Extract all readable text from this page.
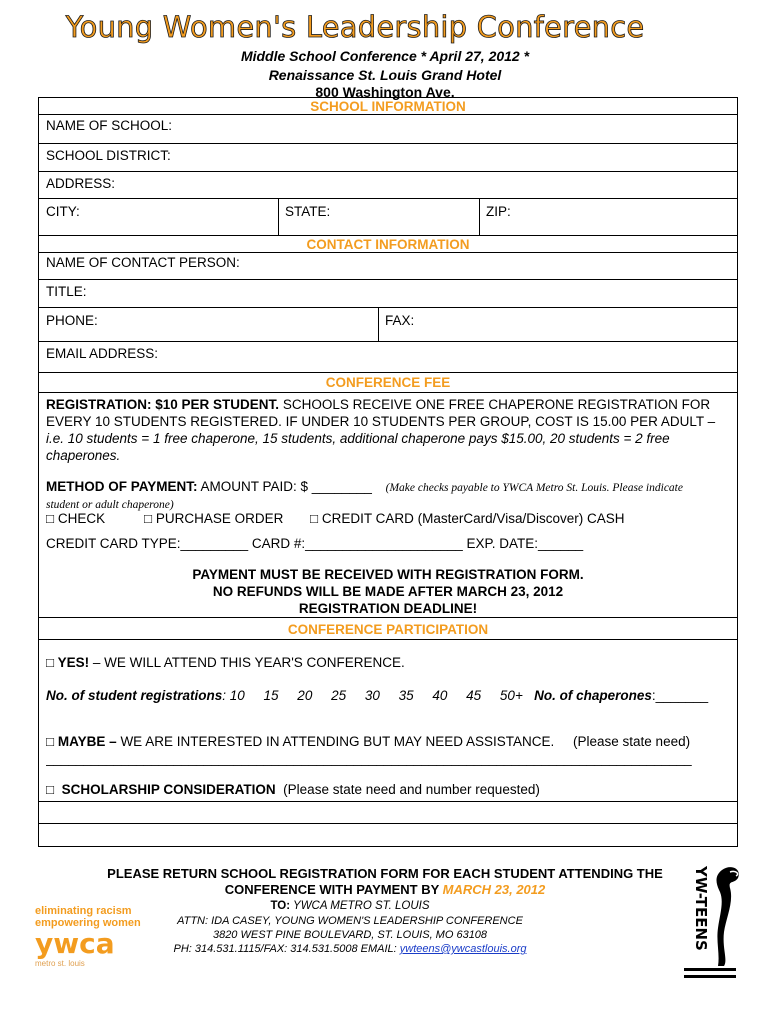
Young Women's Leadership Conference
Middle School Conference * April 27, 2012 *
Renaissance St. Louis Grand Hotel
800 Washington Ave.
SCHOOL INFORMATION
NAME OF SCHOOL:
SCHOOL DISTRICT:
ADDRESS:
CITY:	STATE:	ZIP:
CONTACT INFORMATION
NAME OF CONTACT PERSON:
TITLE:
PHONE:	FAX:
EMAIL ADDRESS:
CONFERENCE FEE
REGISTRATION: $10 PER STUDENT. SCHOOLS RECEIVE ONE FREE CHAPERONE REGISTRATION FOR EVERY 10 STUDENTS REGISTERED. IF UNDER 10 STUDENTS PER GROUP, COST IS 15.00 PER ADULT – i.e. 10 students = 1 free chaperone, 15 students, additional chaperone pays $15.00, 20 students = 2 free chaperones.
METHOD OF PAYMENT: AMOUNT PAID: $ ________ (Make checks payable to YWCA Metro St. Louis. Please indicate
student or adult chaperone)
□ CHECK	□ PURCHASE ORDER □ CREDIT CARD (MasterCard/Visa/Discover) CASH
CREDIT CARD TYPE:_________ CARD #:_____________________ EXP. DATE:______
PAYMENT MUST BE RECEIVED WITH REGISTRATION FORM.
NO REFUNDS WILL BE MADE AFTER MARCH 23, 2012
REGISTRATION DEADLINE!
CONFERENCE PARTICIPATION
□ YES! – WE WILL ATTEND THIS YEAR'S CONFERENCE.
No. of student registrations: 10     15     20     25     30     35     40     45     50+ No. of chaperones:_______
□ MAYBE – WE ARE INTERESTED IN ATTENDING BUT MAY NEED ASSISTANCE.     (Please state need)
______________________________________________________________________________________
□  SCHOLARSHIP CONSIDERATION  (Please state need and number requested)
PLEASE RETURN SCHOOL REGISTRATION FORM FOR EACH STUDENT ATTENDING THE
CONFERENCE WITH PAYMENT BY MARCH 23, 2012
TO: YWCA METRO ST. LOUIS
ATTN: IDA CASEY, YOUNG WOMEN'S LEADERSHIP CONFERENCE
3820 WEST PINE BOULEVARD, ST. LOUIS, MO 63108
PH: 314.531.1115/FAX: 314.531.5008 EMAIL: ywteens@ywcastlouis.org
eliminating racism
empowering women
ywca
metro st. louis
YW-TEENS
